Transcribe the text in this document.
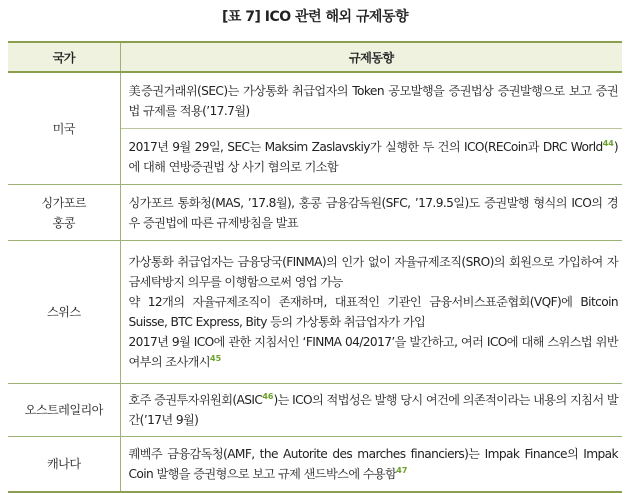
[표 7] ICO 관련 해외 규제동향
국가	규제동향
미국	美증권거래위(SEC)는 가상통화 취급업자의 Token 공모발행을 증권법상 증권발행으로 보고 증권법 규제를 적용(’17.7월)
	2017년 9월 29일, SEC는 Maksim Zaslavskiy가 실행한 두 건의 ICO(RECoin과 DRC World$^{44}$)에 대해 연방증권법 상 사기 혐의로 기소함

싱가포르
홍콩	싱가포르 통화청(MAS, ’17.8월), 홍콩 금융감독원(SFC, ’17.9.5일)도 증권발행 형식의 ICO의 경우 증권법에 따른 규제방침을 발표
스위스	가상통화 취급업자는 금융당국(FINMA)의 인가 없이 자율규제조직(SRO)의 회원으로 가입하여 자금세탁방지 의무를 이행함으로써 영업 가능
약 12개의 자율규제조직이 존재하며, 대표적인 기관인 금융서비스표준협회(VQF)에 Bitcoin Suisse, BTC Express, Bity 등의 가상통화 취급업자가 가입
2017년 9월 ICO에 관한 지침서인 ‘FINMA 04/2017’을 발간하고, 여러 ICO에 대해 스위스법 위반여부의 조사개시$^{45}$

오스트레일리아	호주 증권투자위원회(ASIC$^{46}$)는 ICO의 적법성은 발행 당시 여건에 의존적이라는 내용의 지침서 발간(’17년 9월)
캐나다	퀘벡주 금융감독청(AMF, the Autorite des marches financiers)는 Impak Finance의 Impak Coin 발행을 증권형으로 보고 규제 샌드박스에 수용함$^{47}$
